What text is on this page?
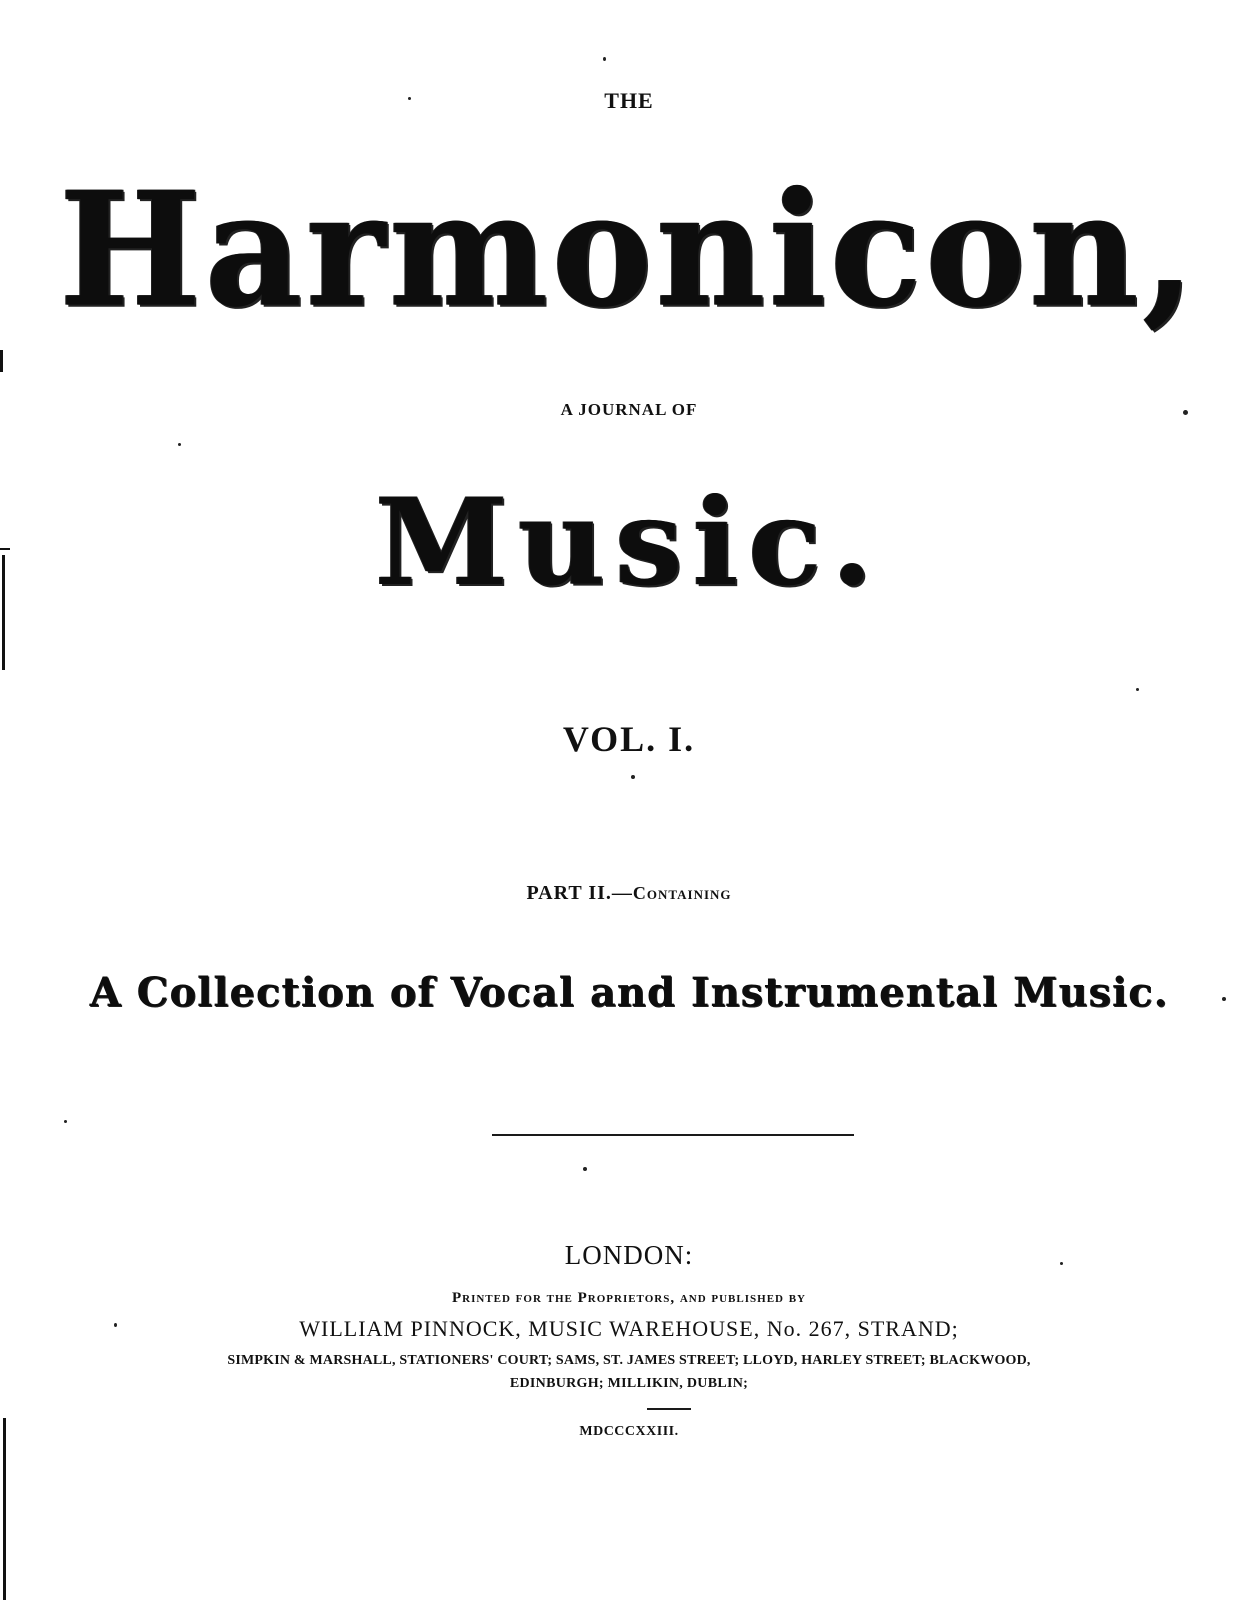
THE
Harmonicon,
A JOURNAL OF
Music.
VOL. I.
PART II.—Containing
A Collection of Vocal and Instrumental Music.
LONDON:
Printed for the Proprietors, and published by
WILLIAM PINNOCK, MUSIC WAREHOUSE, No. 267, STRAND;
SIMPKIN & MARSHALL, STATIONERS' COURT; SAMS, ST. JAMES STREET; LLOYD, HARLEY STREET; BLACKWOOD,
EDINBURGH; MILLIKIN, DUBLIN;
MDCCCXXIII.
